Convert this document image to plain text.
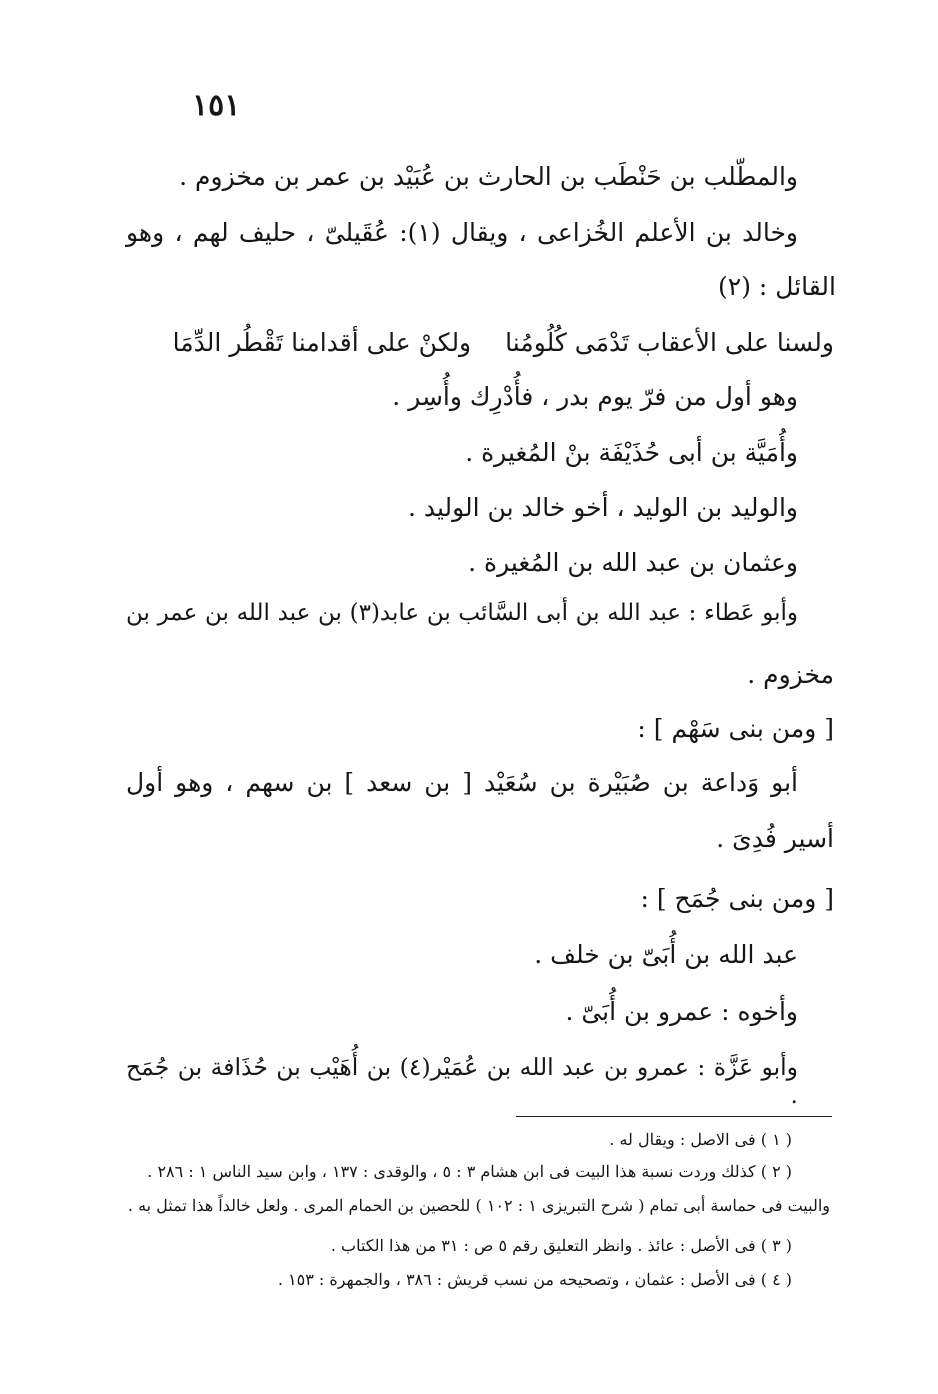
١٥١
والمطّلب بن حَنْطَب بن الحارث بن عُبَيْد بن عمر بن مخزوم .
وخالد بن الأعلم الخُزاعى ، ويقال (١): عُقَيلىّ ، حليف لهم ، وهو
القائل : (٢)
ولسنا على الأعقاب تَدْمَى كُلُومُناولكنْ على أقدامنا تَقْطُر الدِّمَا
وهو أول من فرّ يوم بدر ، فأُدْرِك وأُسِر .
وأُمَيَّة بن أبى حُذَيْفَة بنْ المُغيرة .
والوليد بن الوليد ، أخو خالد بن الوليد .
وعثمان بن عبد الله بن المُغيرة .
وأبو عَطاء : عبد الله بن أبى السَّائب بن عابد(٣) بن عبد الله بن عمر بن
مخزوم .
[ ومن بنى سَهْم ] :
أبو وَداعة بن صُبَيْرة بن سُعَيْد [ بن سعد ] بن سهم ، وهو أول
أسير فُدِىَ .
[ ومن بنى جُمَح ] :
عبد الله بن أُبَىّ بن خلف .
وأخوه : عمرو بن أُبَىّ .
وأبو عَزَّة : عمرو بن عبد الله بن عُمَيْر(٤) بن أُهَيْب بن حُذَافة بن جُمَح .
( ١ ) فى الاصل : ويقال له .
( ٢ ) كذلك وردت نسبة هذا البيت فى ابن هشام ٣ : ٥ ، والوقدى : ١٣٧ ، وابن سيد الناس ١ : ٢٨٦ .
والبيت فى حماسة أبى تمام ( شرح التبريزى ١ : ١٠٢ ) للحصين بن الحمام المرى . ولعل خالداً هذا تمثل به .
( ٣ ) فى الأصل : عائذ . وانظر التعليق رقم ٥ ص : ٣١ من هذا الكتاب .
( ٤ ) فى الأصل : عثمان ، وتصحيحه من نسب قريش : ٣٨٦ ، والجمهرة : ١٥٣ .
